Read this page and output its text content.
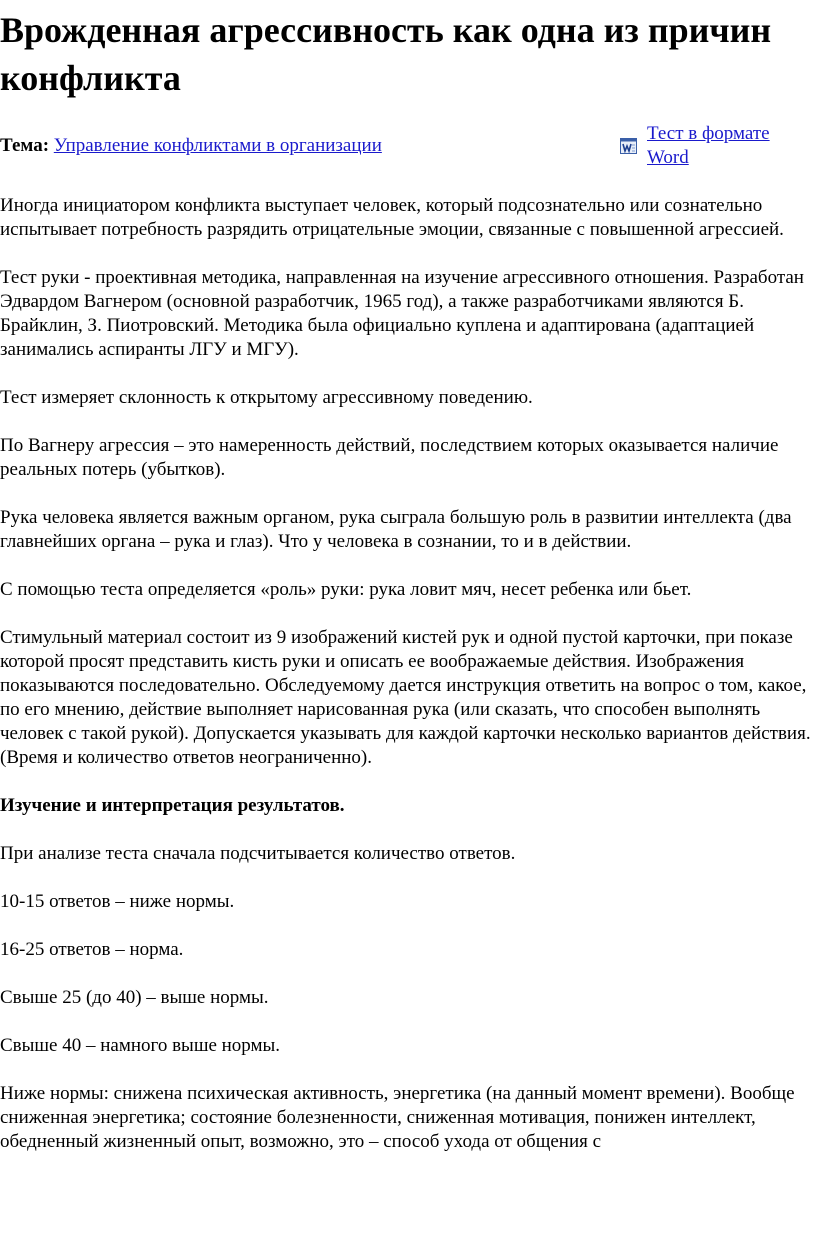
Врожденная агрессивность как одна из причин конфликта
Тема: Управление конфликтами в организации
Тест в формате Word

Иногда инициатором конфликта выступает человек, который подсознательно или сознательно испытывает потребность разрядить отрицательные эмоции, связанные с повышенной агрессией.

Тест руки - проективная методика, направленная на изучение агрессивного отношения. Разработан Эдвардом Вагнером (основной разработчик, 1965 год), а также разработчиками являются Б. Брайклин, З. Пиотровский. Методика была официально куплена и адаптирована (адаптацией занимались аспиранты ЛГУ и МГУ).

Тест измеряет склонность к открытому агрессивному поведению.

По Вагнеру агрессия – это намеренность действий, последствием которых оказывается наличие реальных потерь (убытков).

Рука человека является важным органом, рука сыграла большую роль в развитии интеллекта (два главнейших органа – рука и глаз). Что у человека в сознании, то и в действии.

С помощью теста определяется «роль» руки: рука ловит мяч, несет ребенка или бьет.

Стимульный материал состоит из 9 изображений кистей рук и одной пустой карточки, при показе которой просят представить кисть руки и описать ее воображаемые действия. Изображения показываются последовательно. Обследуемому дается инструкция ответить на вопрос о том, какое, по его мнению, действие выполняет нарисованная рука (или сказать, что способен выполнять человек с такой рукой). Допускается указывать для каждой карточки несколько вариантов действия. (Время и количество ответов неограниченно).

Изучение и интерпретация результатов.

При анализе теста сначала подсчитывается количество ответов.

10-15 ответов – ниже нормы.

16-25 ответов – норма.

Свыше 25 (до 40) – выше нормы.

Свыше 40 – намного выше нормы.

Ниже нормы: снижена психическая активность, энергетика (на данный момент времени). Вообще сниженная энергетика; состояние болезненности, сниженная мотивация, понижен интеллект, обедненный жизненный опыт, возможно, это – способ ухода от общения с
